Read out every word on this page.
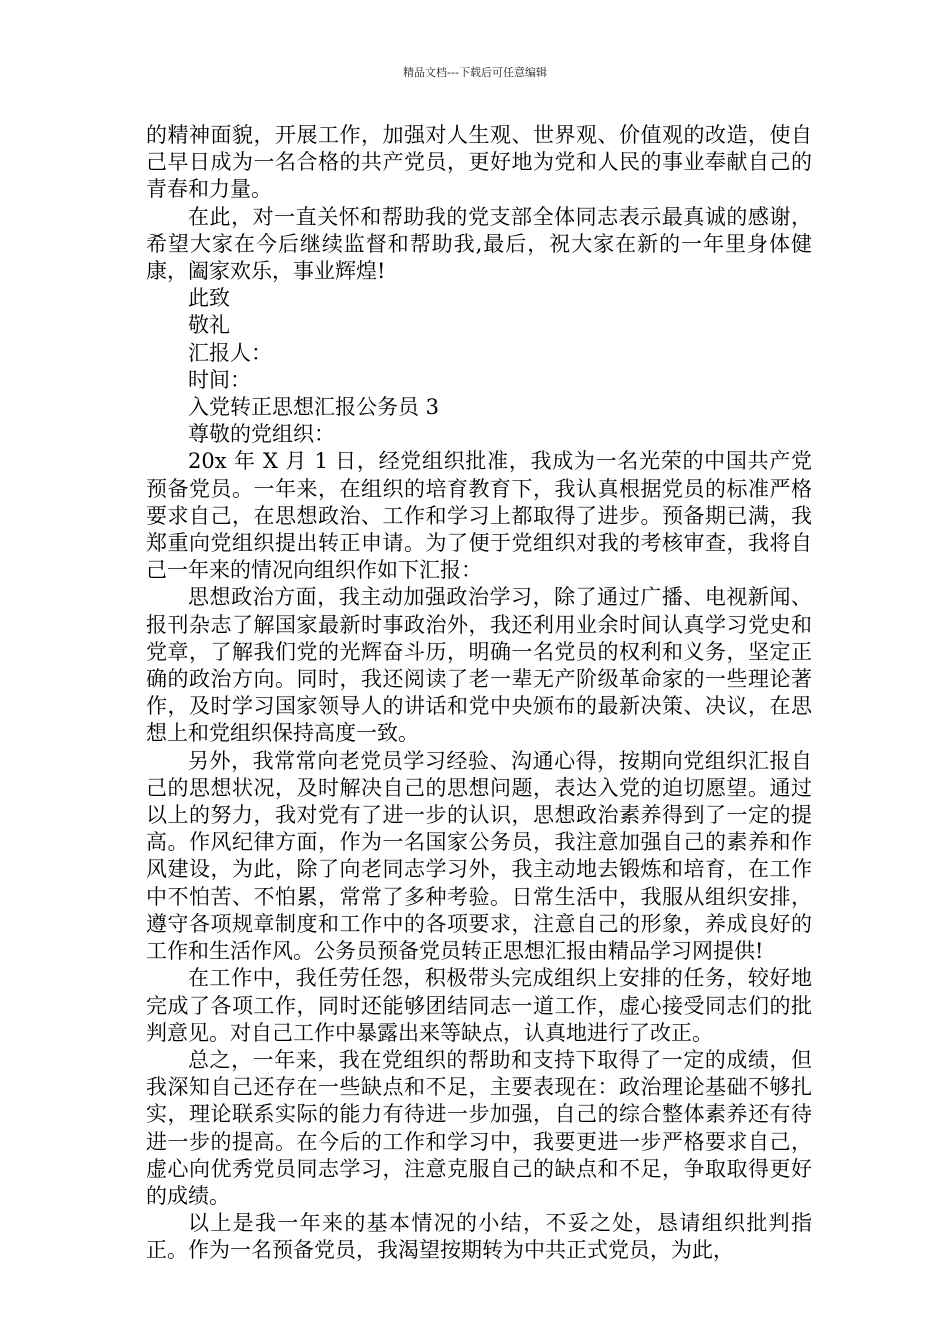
精品文档---下载后可任意编辑

的精神面貌，开展工作，加强对人生观、世界观、价值观的改造，使自己早日成为一名合格的共产党员，更好地为党和人民的事业奉献自己的青春和力量。

在此，对一直关怀和帮助我的党支部全体同志表示最真诚的感谢，希望大家在今后继续监督和帮助我,最后，祝大家在新的一年里身体健康，阖家欢乐，事业辉煌!

此致

敬礼

汇报人：

时间：

入党转正思想汇报公务员 3

尊敬的党组织：

20x 年 X 月 1 日，经党组织批准，我成为一名光荣的中国共产党预备党员。一年来，在组织的培育教育下，我认真根据党员的标准严格要求自己，在思想政治、工作和学习上都取得了进步。预备期已满，我郑重向党组织提出转正申请。为了便于党组织对我的考核审查，我将自己一年来的情况向组织作如下汇报：

思想政治方面，我主动加强政治学习，除了通过广播、电视新闻、报刊杂志了解国家最新时事政治外，我还利用业余时间认真学习党史和党章，了解我们党的光辉奋斗历，明确一名党员的权利和义务，坚定正确的政治方向。同时，我还阅读了老一辈无产阶级革命家的一些理论著作，及时学习国家领导人的讲话和党中央颁布的最新决策、决议，在思想上和党组织保持高度一致。

另外，我常常向老党员学习经验、沟通心得，按期向党组织汇报自己的思想状况，及时解决自己的思想问题，表达入党的迫切愿望。通过以上的努力，我对党有了进一步的认识，思想政治素养得到了一定的提高。作风纪律方面，作为一名国家公务员，我注意加强自己的素养和作风建设，为此，除了向老同志学习外，我主动地去锻炼和培育，在工作中不怕苦、不怕累，常常了多种考验。日常生活中，我服从组织安排，遵守各项规章制度和工作中的各项要求，注意自己的形象，养成良好的工作和生活作风。公务员预备党员转正思想汇报由精品学习网提供!

在工作中，我任劳任怨，积极带头完成组织上安排的任务，较好地完成了各项工作，同时还能够团结同志一道工作，虚心接受同志们的批判意见。对自己工作中暴露出来等缺点，认真地进行了改正。

总之，一年来，我在党组织的帮助和支持下取得了一定的成绩，但我深知自己还存在一些缺点和不足，主要表现在：政治理论基础不够扎实，理论联系实际的能力有待进一步加强，自己的综合整体素养还有待进一步的提高。在今后的工作和学习中，我要更进一步严格要求自己，虚心向优秀党员同志学习，注意克服自己的缺点和不足，争取取得更好的成绩。

以上是我一年来的基本情况的小结，不妥之处，恳请组织批判指正。作为一名预备党员，我渴望按期转为中共正式党员，为此，
